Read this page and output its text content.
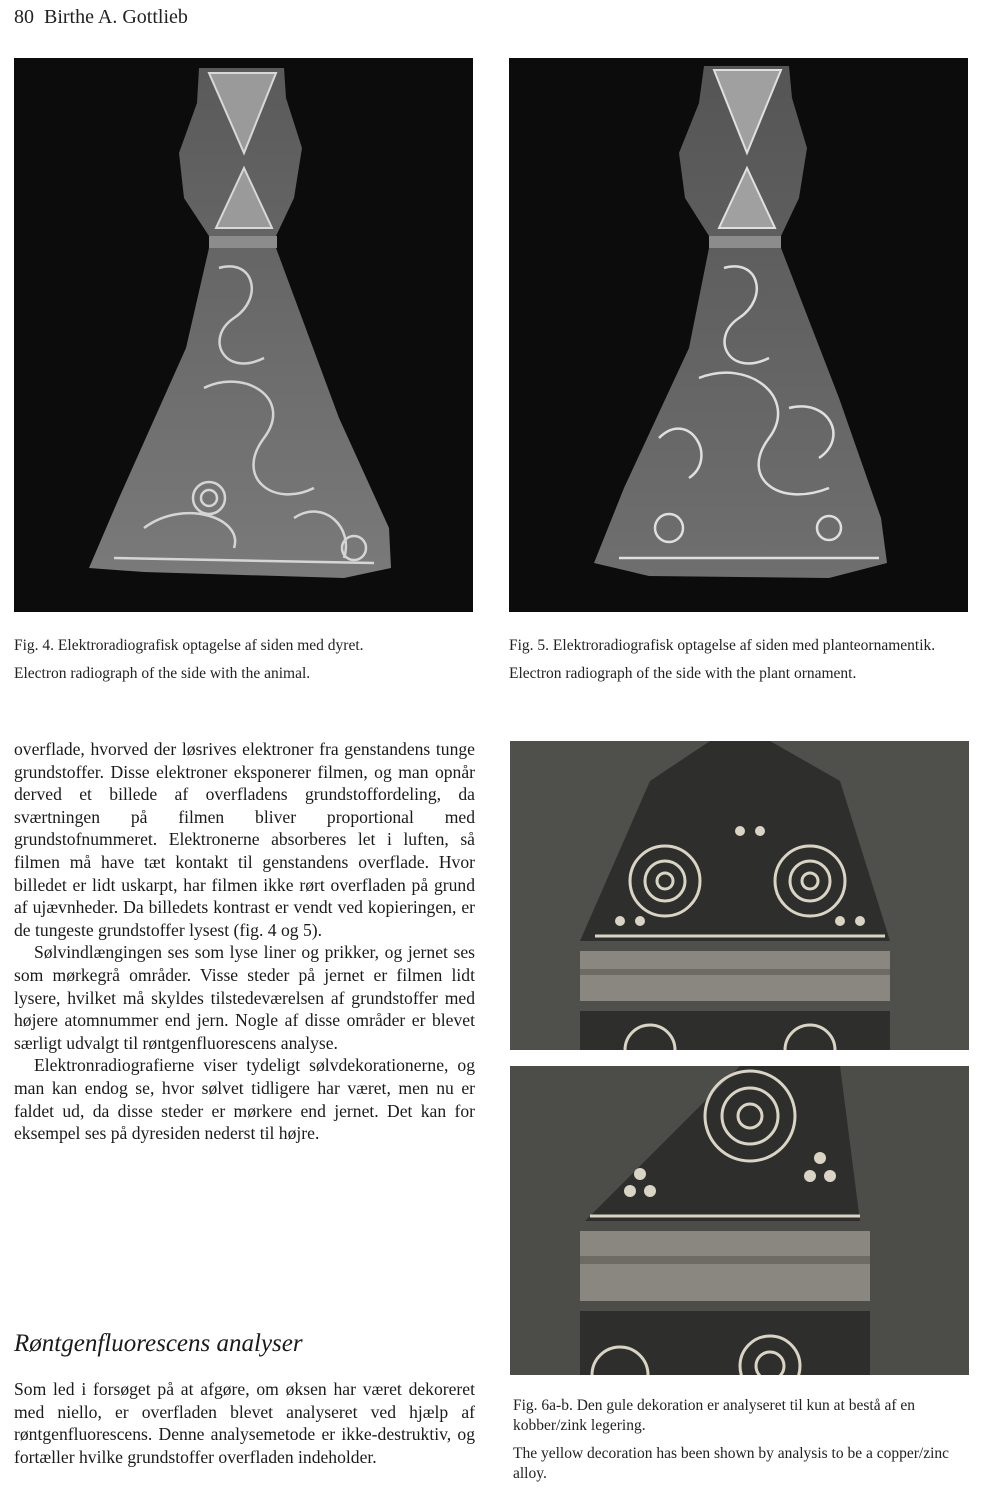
80 Birthe A. Gottlieb

Fig. 4. Elektroradiografisk optagelse af siden med dyret.

Electron radiograph of the side with the animal.

Fig. 5. Elektroradiografisk optagelse af siden med planteornamentik.

Electron radiograph of the side with the plant ornament.

overflade, hvorved der løsrives elektroner fra genstandens tunge grundstoffer. Disse elektroner eksponerer filmen, og man opnår derved et billede af overfladens grundstoffordeling, da sværtningen på filmen bliver proportional med grundstofnummeret. Elektronerne absorberes let i luften, så filmen må have tæt kontakt til genstandens overflade. Hvor billedet er lidt uskarpt, har filmen ikke rørt overfladen på grund af ujævnheder. Da billedets kontrast er vendt ved kopieringen, er de tungeste grundstoffer lysest (fig. 4 og 5).

Sølvindlængingen ses som lyse liner og prikker, og jernet ses som mørkegrå områder. Visse steder på jernet er filmen lidt lysere, hvilket må skyldes tilstedeværelsen af grundstoffer med højere atomnummer end jern. Nogle af disse områder er blevet særligt udvalgt til røntgenfluorescens analyse.

Elektronradiografierne viser tydeligt sølvdekorationerne, og man kan endog se, hvor sølvet tidligere har været, men nu er faldet ud, da disse steder er mørkere end jernet. Det kan for eksempel ses på dyresiden nederst til højre.

Røntgenfluorescens analyser

Som led i forsøget på at afgøre, om øksen har været dekoreret med niello, er overfladen blevet analyseret ved hjælp af røntgenfluorescens. Denne analysemetode er ikke-destruktiv, og fortæller hvilke grundstoffer overfladen indeholder.

Fig. 6a-b. Den gule dekoration er analyseret til kun at bestå af en kobber/zink legering.

The yellow decoration has been shown by analysis to be a copper/zinc alloy.
